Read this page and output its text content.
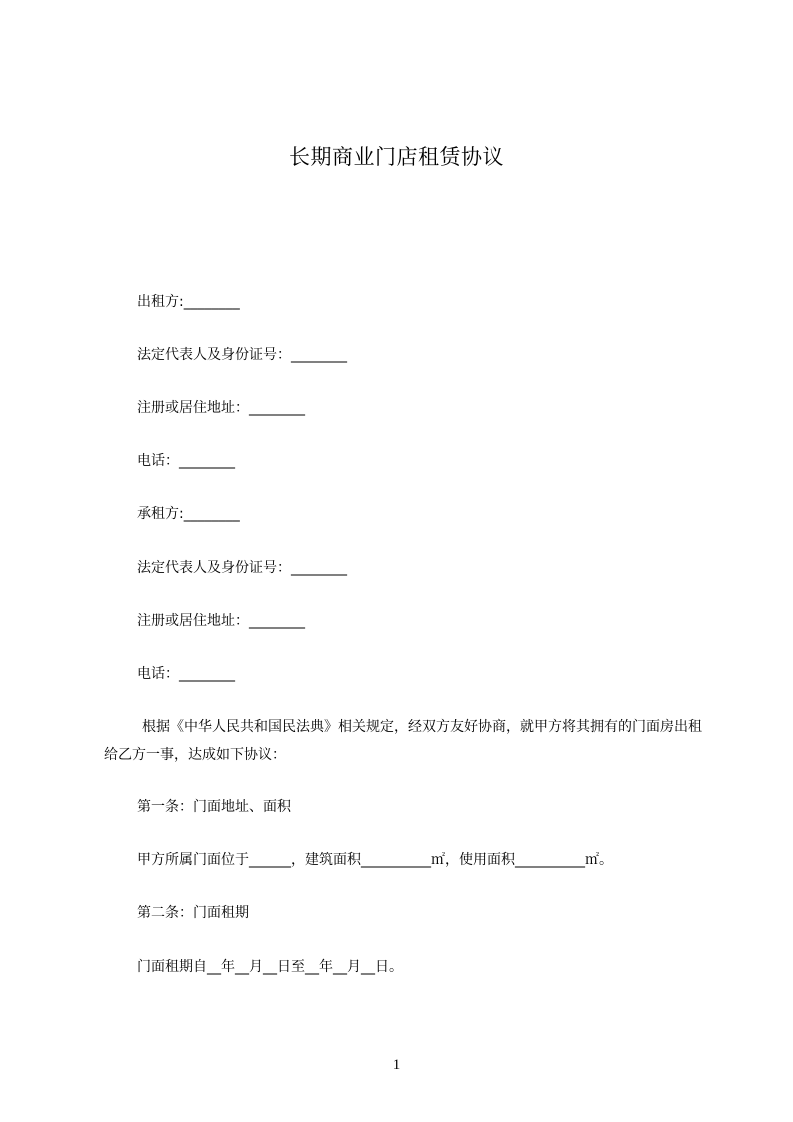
长期商业门店租赁协议
出租方:________
法定代表人及身份证号：________
注册或居住地址：________
电话：________
承租方:________
法定代表人及身份证号：________
注册或居住地址：________
电话：________
根据《中华人民共和国民法典》相关规定，经双方友好协商，就甲方将其拥有的门面房出租给乙方一事，达成如下协议：
第一条：门面地址、面积
甲方所属门面位于______，建筑面积__________㎡，使用面积__________㎡。
第二条：门面租期
门面租期自__年__月__日至__年__月__日。
1
